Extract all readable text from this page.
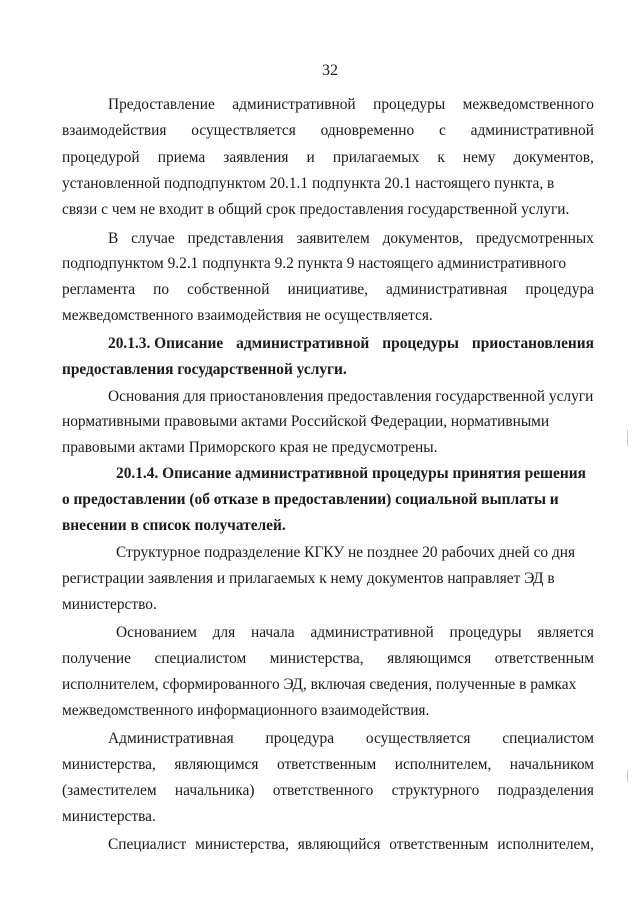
32
Предоставление административной процедуры межведомственного
взаимодействия осуществляется одновременно с административной
процедурой приема заявления и прилагаемых к нему документов,
установленной подподпунктом 20.1.1 подпункта 20.1 настоящего пункта, в
связи с чем не входит в общий срок предоставления государственной услуги.
В случае представления заявителем документов, предусмотренных
подподпунктом 9.2.1 подпункта 9.2 пункта 9 настоящего административного
регламента по собственной инициативе, административная процедура
межведомственного взаимодействия не осуществляется.
20.1.3. Описание административной процедуры приостановления
предоставления государственной услуги.
Основания для приостановления предоставления государственной услуги
нормативными правовыми актами Российской Федерации, нормативными
правовыми актами Приморского края не предусмотрены.
20.1.4. Описание административной процедуры принятия решения
о предоставлении (об отказе в предоставлении) социальной выплаты и
внесении в список получателей.
Структурное подразделение КГКУ не позднее 20 рабочих дней со дня
регистрации заявления и прилагаемых к нему документов направляет ЭД в
министерство.
Основанием для начала административной процедуры является
получение специалистом министерства, являющимся ответственным
исполнителем, сформированного ЭД, включая сведения, полученные в рамках
межведомственного информационного взаимодействия.
Административная процедура осуществляется специалистом
министерства, являющимся ответственным исполнителем, начальником
(заместителем начальника) ответственного структурного подразделения
министерства.
Специалист министерства, являющийся ответственным исполнителем,
